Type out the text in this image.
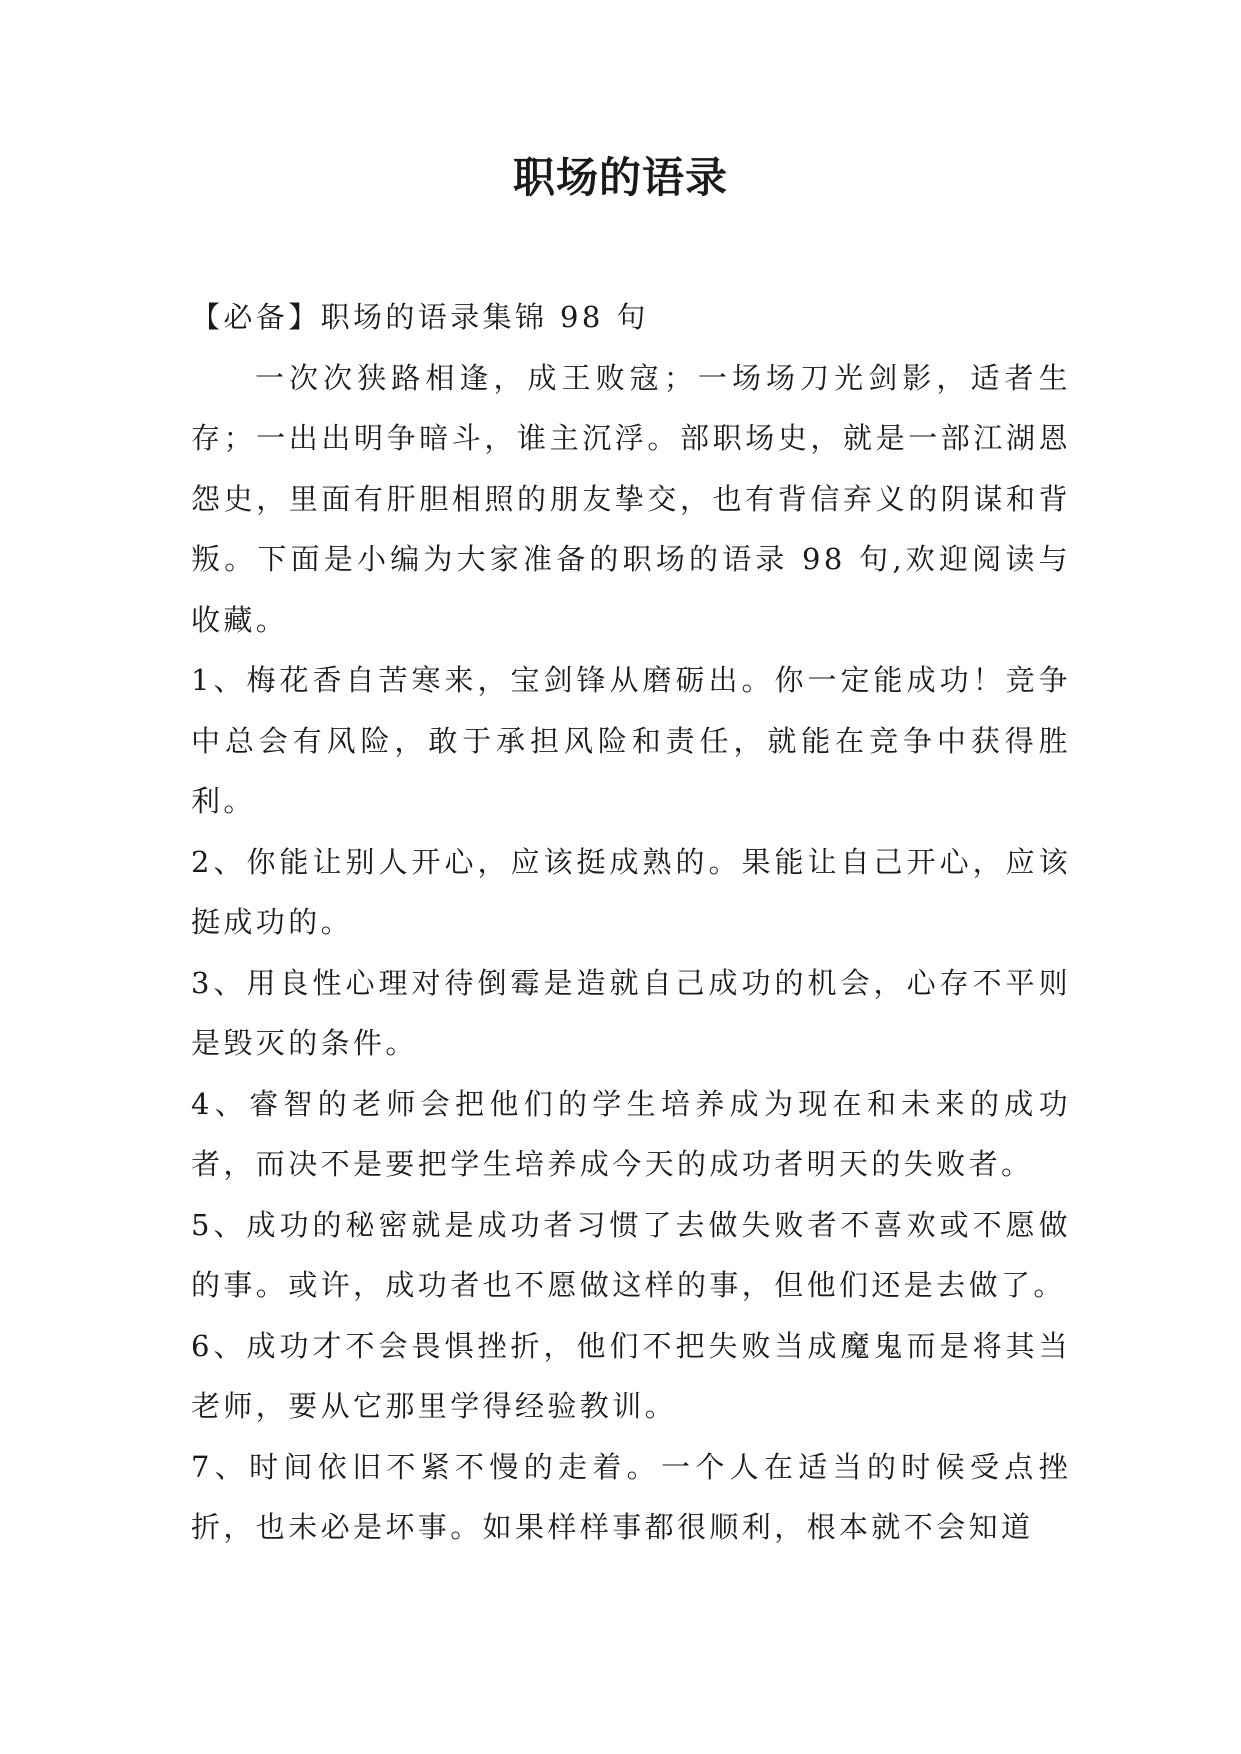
职场的语录

【必备】职场的语录集锦 98 句

一次次狭路相逢，成王败寇；一场场刀光剑影，适者生存；一出出明争暗斗，谁主沉浮。部职场史，就是一部江湖恩怨史，里面有肝胆相照的朋友挚交，也有背信弃义的阴谋和背叛。下面是小编为大家准备的职场的语录 98 句,欢迎阅读与收藏。

1、梅花香自苦寒来，宝剑锋从磨砺出。你一定能成功！竞争中总会有风险，敢于承担风险和责任，就能在竞争中获得胜利。

2、你能让别人开心，应该挺成熟的。果能让自己开心，应该挺成功的。

3、用良性心理对待倒霉是造就自己成功的机会，心存不平则是毁灭的条件。

4、睿智的老师会把他们的学生培养成为现在和未来的成功者，而决不是要把学生培养成今天的成功者明天的失败者。

5、成功的秘密就是成功者习惯了去做失败者不喜欢或不愿做的事。或许，成功者也不愿做这样的事，但他们还是去做了。

6、成功才不会畏惧挫折，他们不把失败当成魔鬼而是将其当老师，要从它那里学得经验教训。

7、时间依旧不紧不慢的走着。一个人在适当的时候受点挫折，也未必是坏事。如果样样事都很顺利，根本就不会知道
